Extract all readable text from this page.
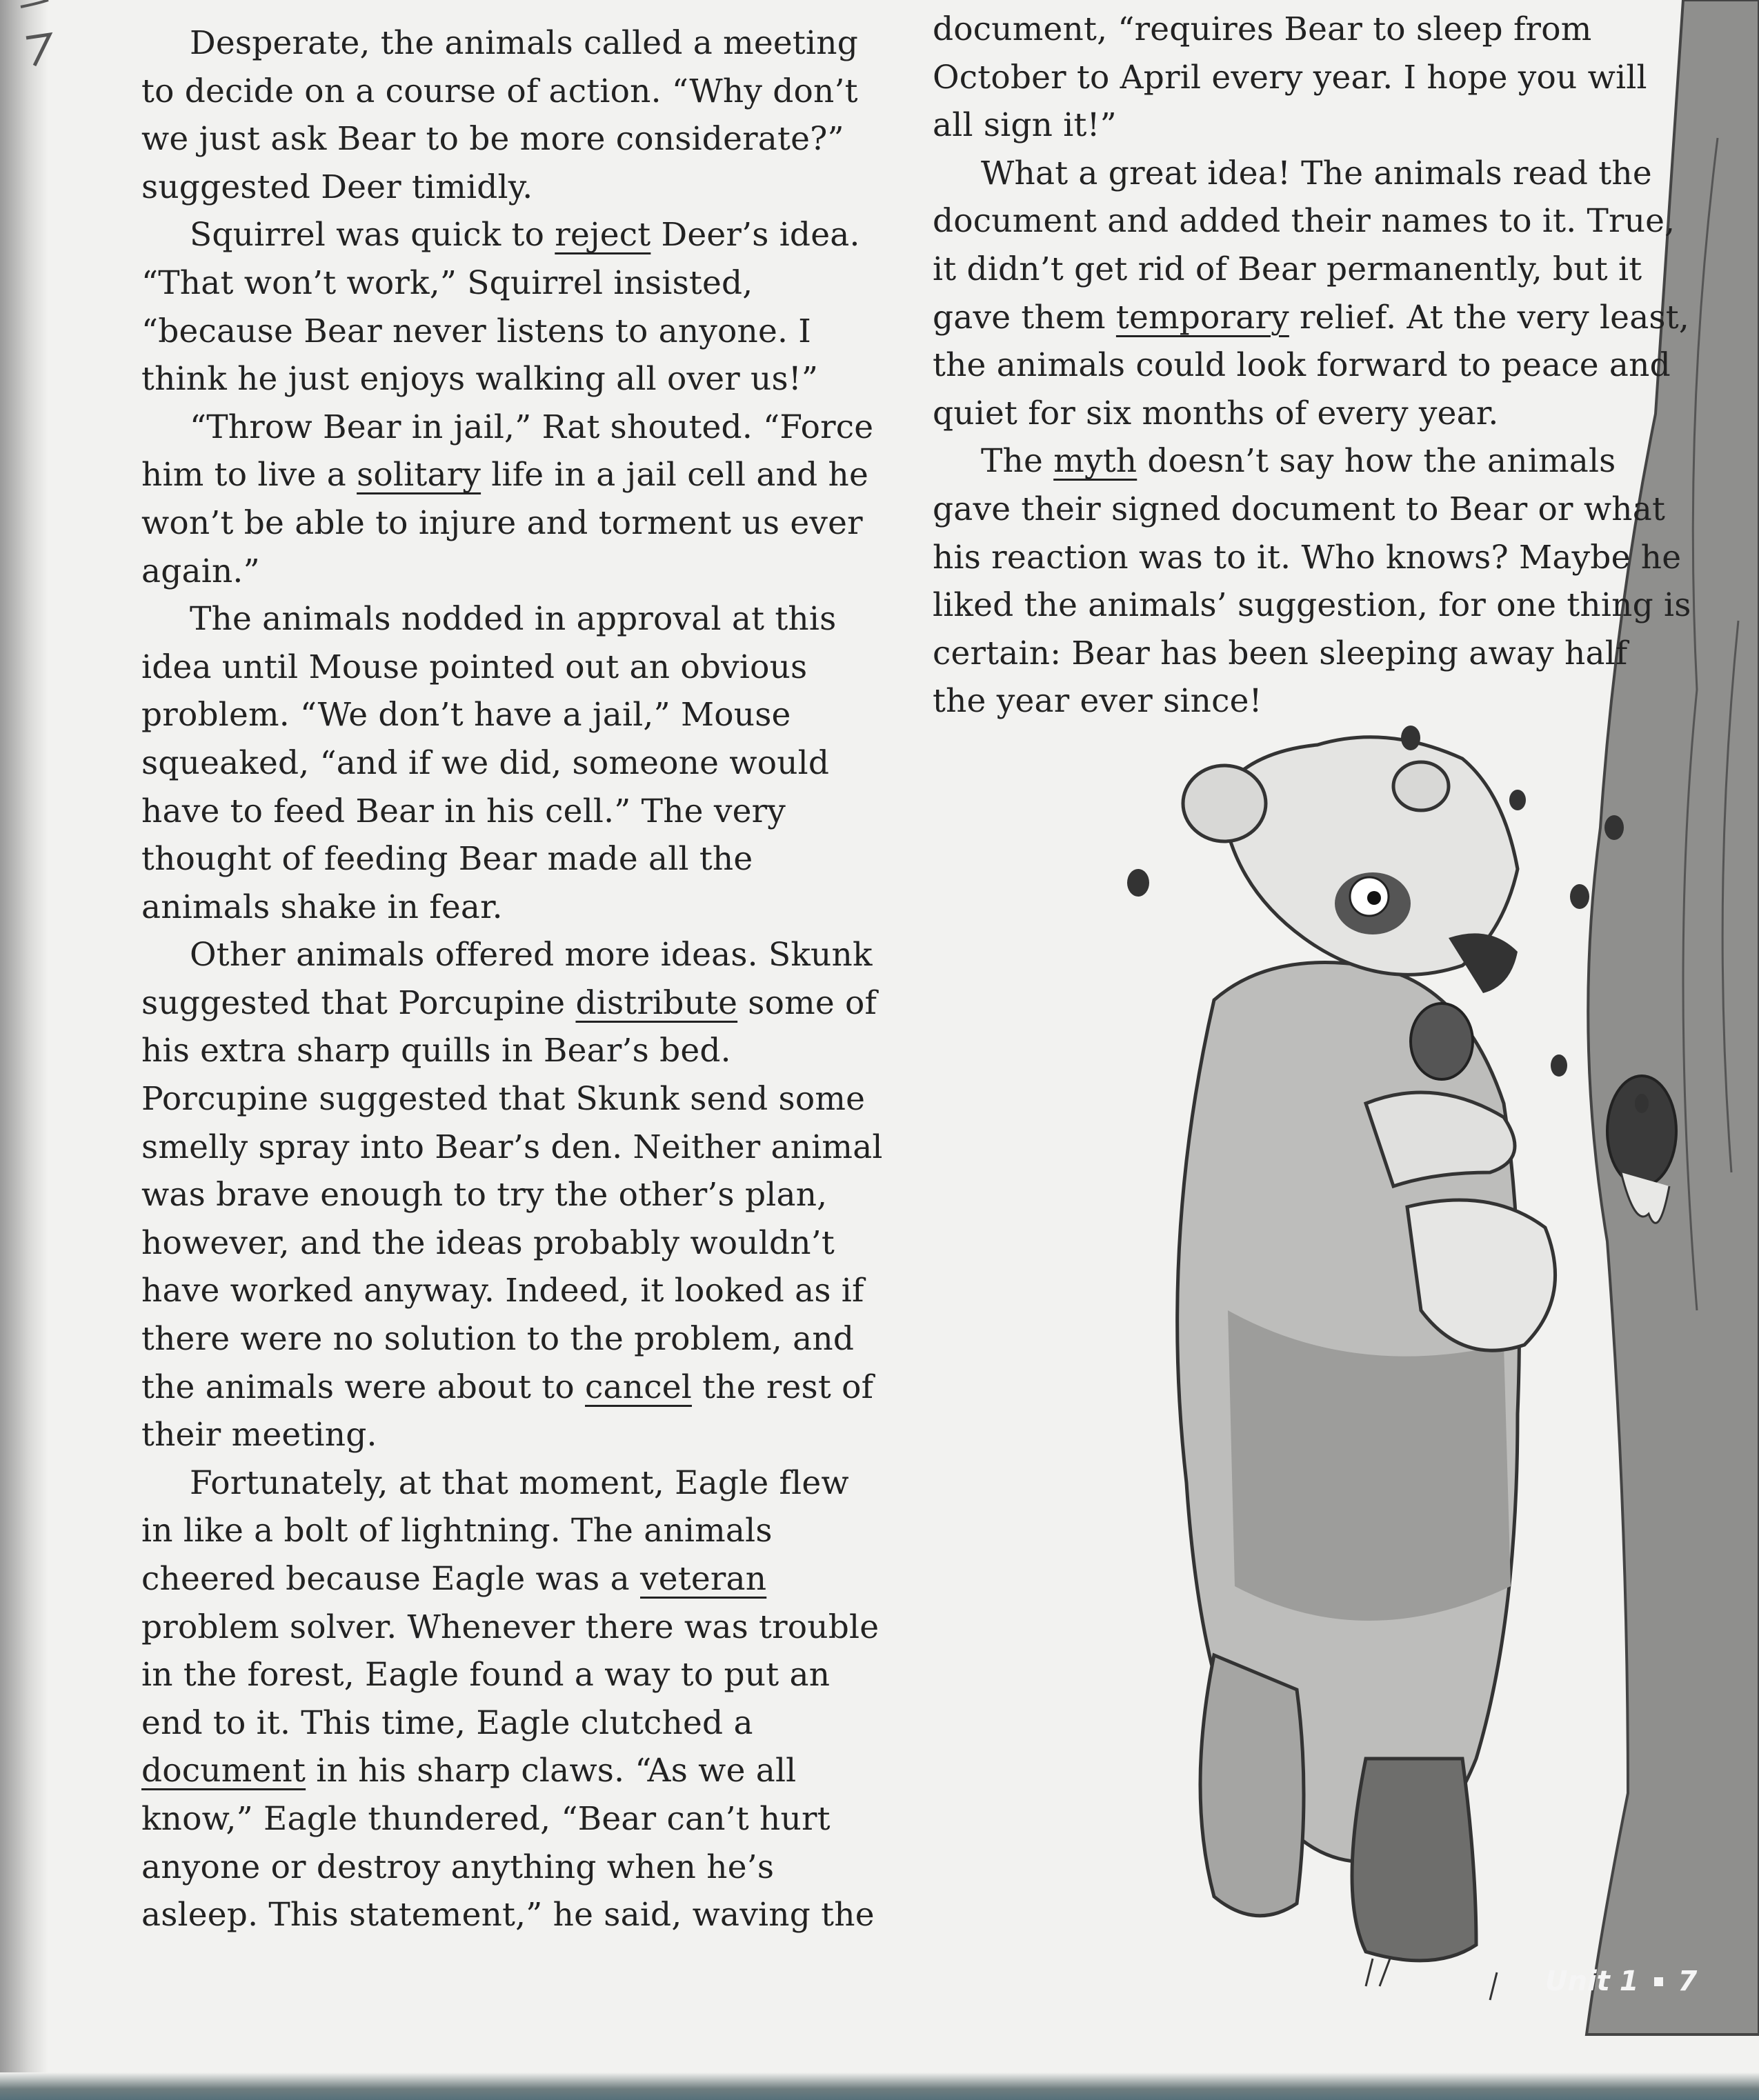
Desperate, the animals called a meeting to decide on a course of action. “Why don’t we just ask Bear to be more considerate?” suggested Deer timidly.

Squirrel was quick to reject Deer’s idea. “That won’t work,” Squirrel insisted, “because Bear never listens to anyone. I think he just enjoys walking all over us!”

“Throw Bear in jail,” Rat shouted. “Force him to live a solitary life in a jail cell and he won’t be able to injure and torment us ever again.”

The animals nodded in approval at this idea until Mouse pointed out an obvious problem. “We don’t have a jail,” Mouse squeaked, “and if we did, someone would have to feed Bear in his cell.” The very thought of feeding Bear made all the animals shake in fear.

Other animals offered more ideas. Skunk suggested that Porcupine distribute some of his extra sharp quills in Bear’s bed. Porcupine suggested that Skunk send some smelly spray into Bear’s den. Neither animal was brave enough to try the other’s plan, however, and the ideas probably wouldn’t have worked anyway. Indeed, it looked as if there were no solution to the problem, and the animals were about to cancel the rest of their meeting.

Fortunately, at that moment, Eagle flew in like a bolt of lightning. The animals cheered because Eagle was a veteran problem solver. Whenever there was trouble in the forest, Eagle found a way to put an end to it. This time, Eagle clutched a document in his sharp claws. “As we all know,” Eagle thundered, “Bear can’t hurt anyone or destroy anything when he’s asleep. This statement,” he said, waving the

document, “requires Bear to sleep from October to April every year. I hope you will all sign it!”

What a great idea! The animals read the document and added their names to it. True, it didn’t get rid of Bear permanently, but it gave them temporary relief. At the very least, the animals could look forward to peace and quiet for six months of every year.

The myth doesn’t say how the animals gave their signed document to Bear or what his reaction was to it. Who knows? Maybe he liked the animals’ suggestion, for one thing is certain: Bear has been sleeping away half the year ever since!

Unit 1 7
